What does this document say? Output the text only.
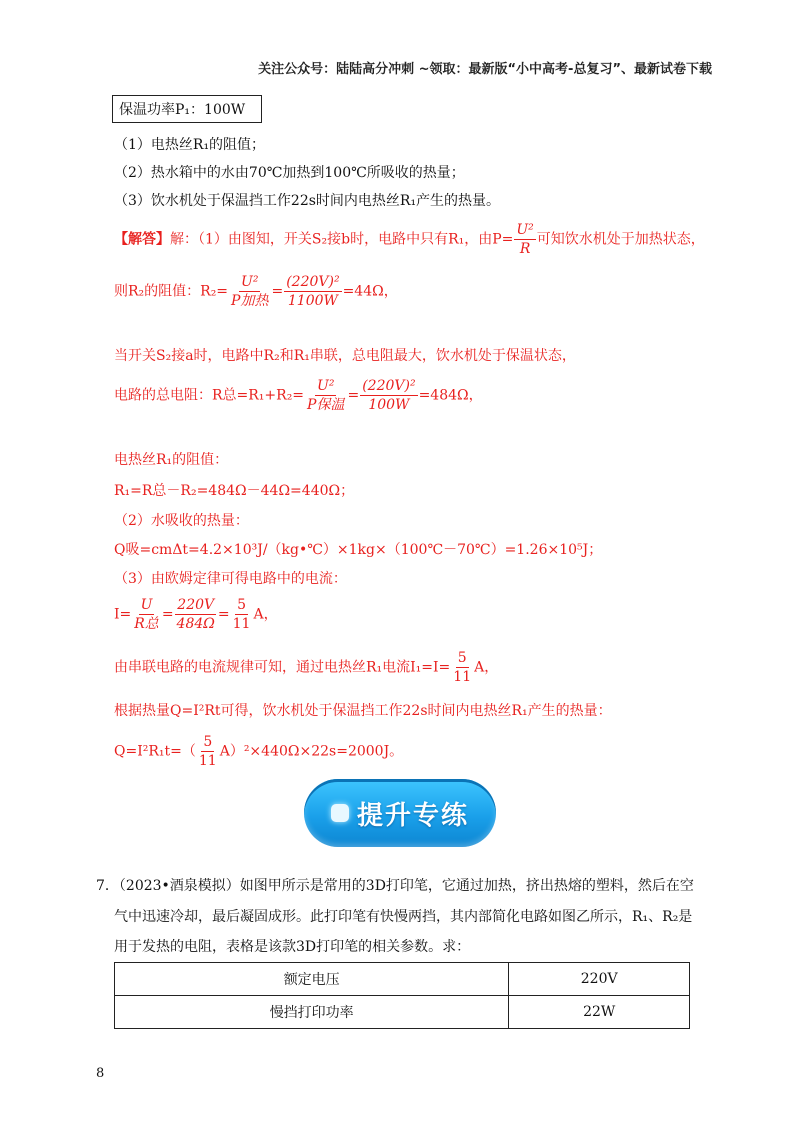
关注公众号：陆陆高分冲刺 ~领取：最新版“小中高考-总复习”、最新试卷下载
保温功率P₁：100W
（1）电热丝R₁的阻值；
（2）热水箱中的水由70℃加热到100℃所吸收的热量；
（3）饮水机处于保温挡工作22s时间内电热丝R₁产生的热量。
【解答】解：（1）由图知，开关S₂接b时，电路中只有R₁，由$P= \frac{\text{U²}}{R}$ 可知饮水机处于加热状态，
则R₂的阻值：$R_2= \frac{\text{U²}}{\text{P加热}} = \frac{\text{(220V)²}}{1100W} =44\Omega$，
当开关S₂接a时，电路中R₂和R₁串联，总电阻最大，饮水机处于保温状态，
电路的总电阻：R总$=R_1+R_2= \frac{\text{U²}}{\text{P保温}} = \frac{\text{(220V)²}}{100W} =484\Omega$，
电热丝R₁的阻值：
R₁=R总－R₂=484Ω－44Ω=440Ω；
（2）水吸收的热量：
Q吸=cmΔt=4.2×10³J/（kg•℃）×1kg×（100℃－70℃）=1.26×10⁵J；
（3）由欧姆定律可得电路中的电流：
$I= \frac{U}{\text{R总}} = \frac{220V}{484\Omega} = \frac{5}{11}$ A，
由串联电路的电流规律可知，通过电热丝R₁电流$I_1=I= \frac{5}{11}$ A，
根据热量Q=I²Rt可得，饮水机处于保温挡工作22s时间内电热丝R₁产生的热量：
$Q=I^2R_1t=( \frac{5}{11} A)^2\times 440\Omega\times 22s=2000J$。
提升专练
7．（2023•酒泉模拟）如图甲所示是常用的3D打印笔，它通过加热，挤出热熔的塑料，然后在空
气中迅速冷却，最后凝固成形。此打印笔有快慢两挡，其内部简化电路如图乙所示，R₁、R₂是
用于发热的电阻，表格是该款3D打印笔的相关参数。求：
额定电压	220V
慢挡打印功率	22W
8
